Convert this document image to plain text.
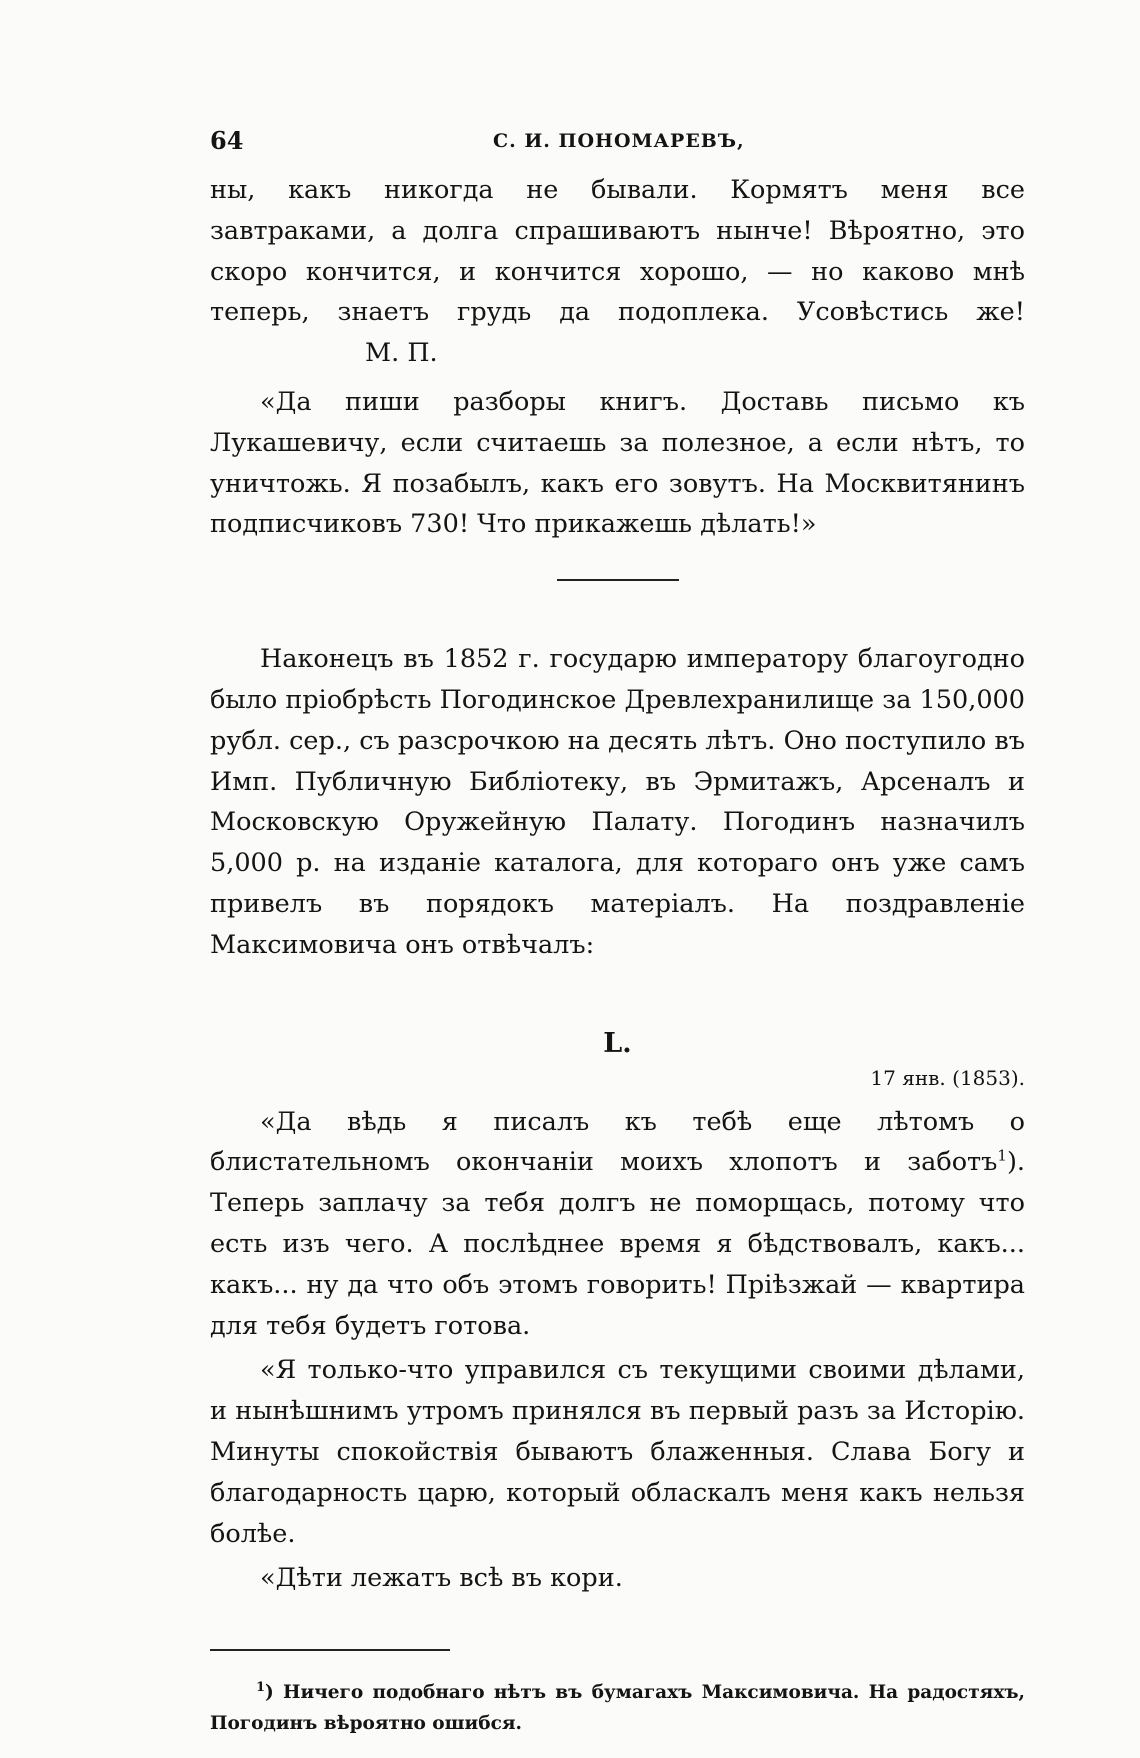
64	С. И. ПОНОМАРЕВЪ,

ны, какъ никогда не бывали. Кормятъ меня все завтраками, а долга спрашиваютъ нынче! Вѣроятно, это скоро кончится, и кончится хорошо, — но каково мнѣ теперь, знаетъ грудь да подоплека. Усовѣстись же! М. П.

«Да пиши разборы книгъ. Доставь письмо къ Лукашевичу, если считаешь за полезное, а если нѣтъ, то уничтожь. Я позабылъ, какъ его зовутъ. На Москвитянинъ подписчиковъ 730! Что прикажешь дѣлать!»

Наконецъ въ 1852 г. государю императору благоугодно было пріобрѣсть Погодинское Древлехранилище за 150,000 рубл. сер., съ разсрочкою на десять лѣтъ. Оно поступило въ Имп. Публичную Библіотеку, въ Эрмитажъ, Арсеналъ и Московскую Оружейную Палату. Погодинъ назначилъ 5,000 р. на изданіе каталога, для котораго онъ уже самъ привелъ въ порядокъ матеріалъ. На поздравленіе Максимовича онъ отвѣчалъ:

L.
17 янв. (1853).

«Да вѣдь я писалъ къ тебѣ еще лѣтомъ о блистательномъ окончаніи моихъ хлопотъ и заботъ$^1$). Теперь заплачу за тебя долгъ не поморщась, потому что есть изъ чего. А послѣднее время я бѣдствовалъ, какъ... какъ... ну да что объ этомъ говорить! Пріѣзжай — квартира для тебя будетъ готова.

«Я только-что управился съ текущими своими дѣлами, и нынѣшнимъ утромъ принялся въ первый разъ за Исторію. Минуты спокойствія бываютъ блаженныя. Слава Богу и благодарность царю, который обласкалъ меня какъ нельзя болѣе.

«Дѣти лежатъ всѣ въ кори.

$^1$) Ничего подобнаго нѣтъ въ бумагахъ Максимовича. На радостяхъ, Погодинъ вѣроятно ошибся.
